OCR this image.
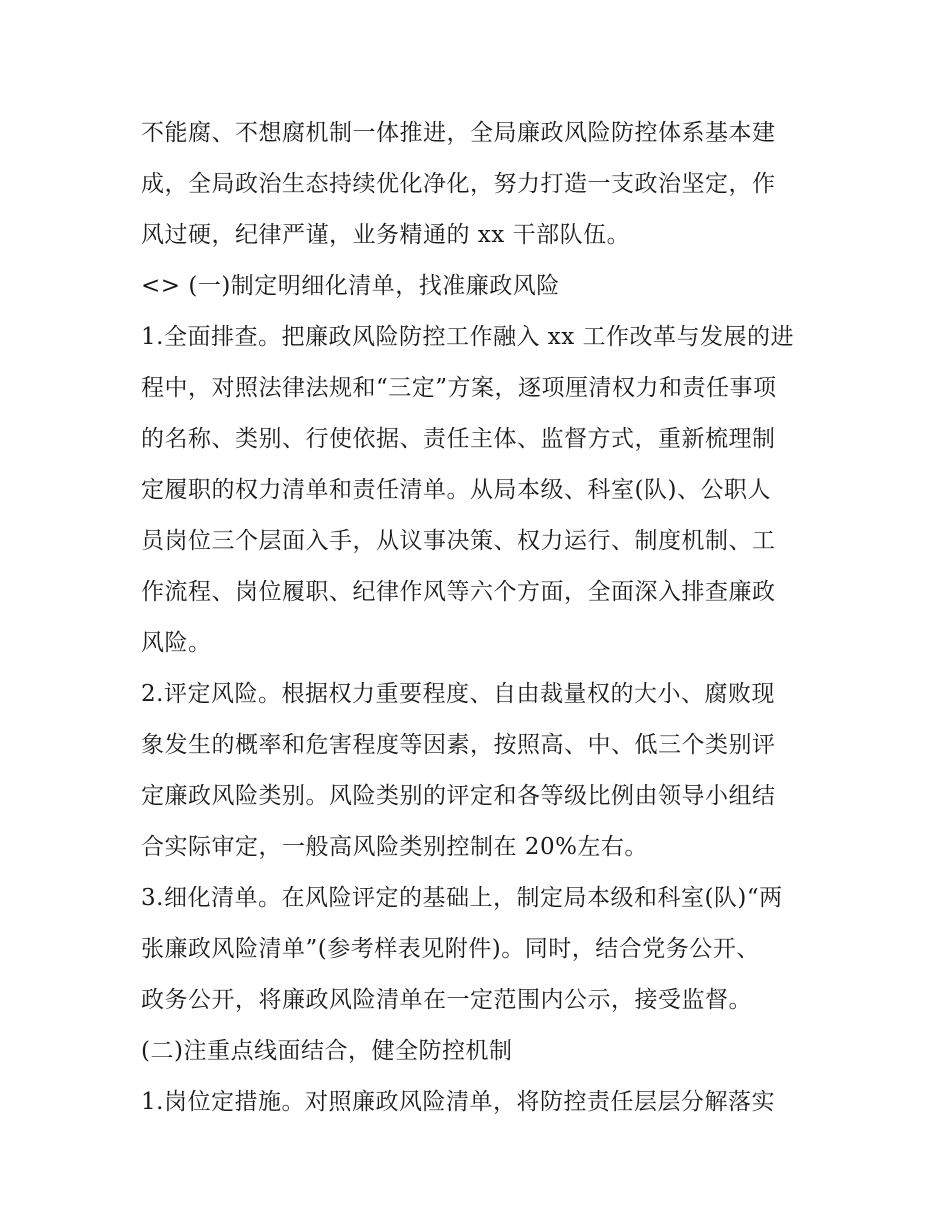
不能腐、不想腐机制一体推进，全局廉政风险防控体系基本建
成，全局政治生态持续优化净化，努力打造一支政治坚定，作
风过硬，纪律严谨，业务精通的 xx 干部队伍。
<> (一)制定明细化清单，找准廉政风险
1.全面排查。把廉政风险防控工作融入 xx 工作改革与发展的进
程中，对照法律法规和“三定”方案，逐项厘清权力和责任事项
的名称、类别、行使依据、责任主体、监督方式，重新梳理制
定履职的权力清单和责任清单。从局本级、科室(队)、公职人
员岗位三个层面入手，从议事决策、权力运行、制度机制、工
作流程、岗位履职、纪律作风等六个方面，全面深入排查廉政
风险。
2.评定风险。根据权力重要程度、自由裁量权的大小、腐败现
象发生的概率和危害程度等因素，按照高、中、低三个类别评
定廉政风险类别。风险类别的评定和各等级比例由领导小组结
合实际审定，一般高风险类别控制在 20%左右。
3.细化清单。在风险评定的基础上，制定局本级和科室(队)“两
张廉政风险清单”(参考样表见附件)。同时，结合党务公开、
政务公开，将廉政风险清单在一定范围内公示，接受监督。
(二)注重点线面结合，健全防控机制
1.岗位定措施。对照廉政风险清单，将防控责任层层分解落实
